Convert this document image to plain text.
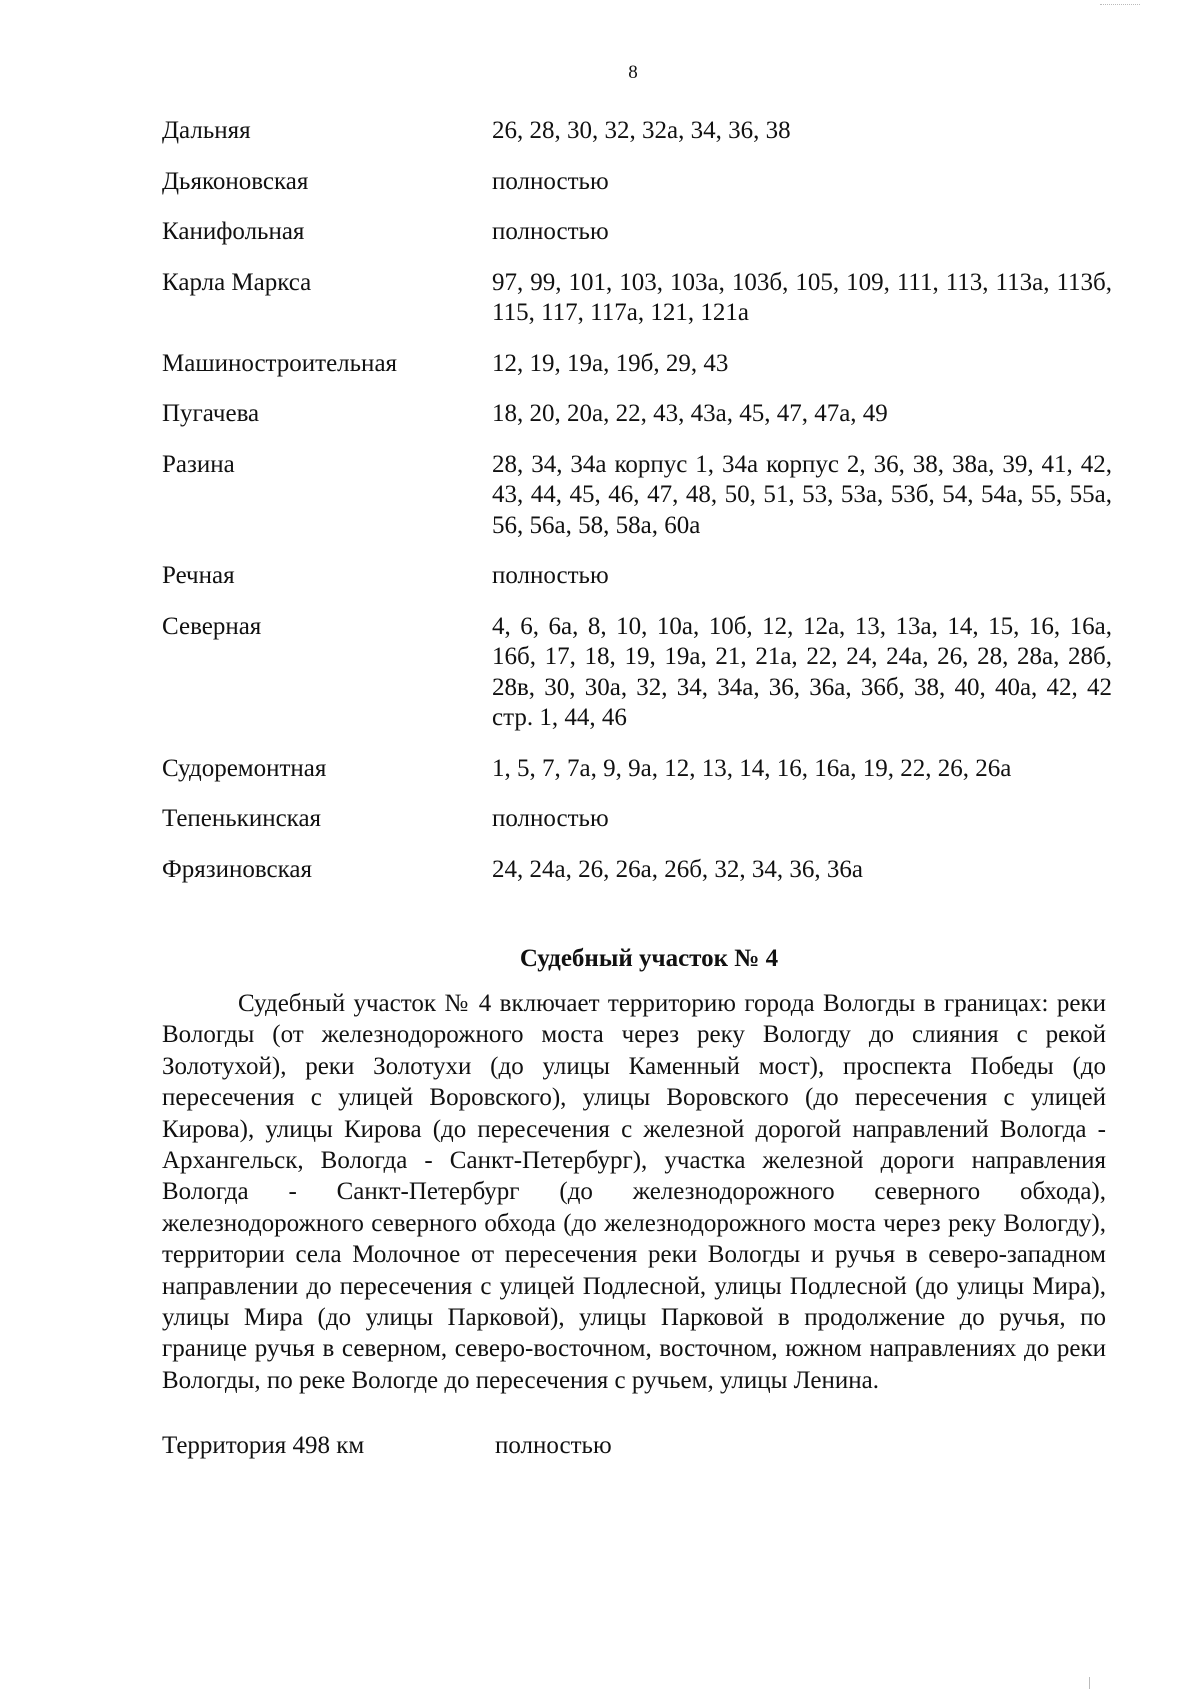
8
Дальняя	26, 28, 30, 32, 32а, 34, 36, 38
Дьяконовская	полностью
Канифольная	полностью
Карла Маркса	97, 99, 101, 103, 103а, 103б, 105, 109, 111, 113, 113а, 113б, 115, 117, 117а, 121, 121а
Машиностроительная	12, 19, 19а, 19б, 29, 43
Пугачева	18, 20, 20а, 22, 43, 43а, 45, 47, 47а, 49
Разина	28, 34, 34а корпус 1, 34а корпус 2, 36, 38, 38а, 39, 41, 42, 43, 44, 45, 46, 47, 48, 50, 51, 53, 53а, 53б, 54, 54а, 55, 55а, 56, 56а, 58, 58а, 60а
Речная	полностью
Северная	4, 6, 6а, 8, 10, 10а, 10б, 12, 12а, 13, 13а, 14, 15, 16, 16а, 16б, 17, 18, 19, 19а, 21, 21а, 22, 24, 24а, 26, 28, 28а, 28б, 28в, 30, 30а, 32, 34, 34а, 36, 36а, 36б, 38, 40, 40а, 42, 42 стр. 1, 44, 46
Судоремонтная	1, 5, 7, 7а, 9, 9а, 12, 13, 14, 16, 16а, 19, 22, 26, 26а
Тепенькинская	полностью
Фрязиновская	24, 24а, 26, 26а, 26б, 32, 34, 36, 36а
Судебный участок № 4

Судебный участок № 4 включает территорию города Вологды в границах: реки Вологды (от железнодорожного моста через реку Вологду до слияния с рекой Золотухой), реки Золотухи (до улицы Каменный мост), проспекта Победы (до пересечения с улицей Воровского), улицы Воровского (до пересечения с улицей Кирова), улицы Кирова (до пересечения с железной дорогой направлений Вологда - Архангельск, Вологда - Санкт-Петербург), участка железной дороги направления Вологда - Санкт-Петербург (до железнодорожного северного обхода), железнодорожного северного обхода (до железнодорожного моста через реку Вологду), территории села Молочное от пересечения реки Вологды и ручья в северо-западном направлении до пересечения с улицей Подлесной, улицы Подлесной (до улицы Мира), улицы Мира (до улицы Парковой), улицы Парковой в продолжение до ручья, по границе ручья в северном, северо-восточном, восточном, южном направлениях до реки Вологды, по реке Вологде до пересечения с ручьем, улицы Ленина.

Территория 498 км	полностью
